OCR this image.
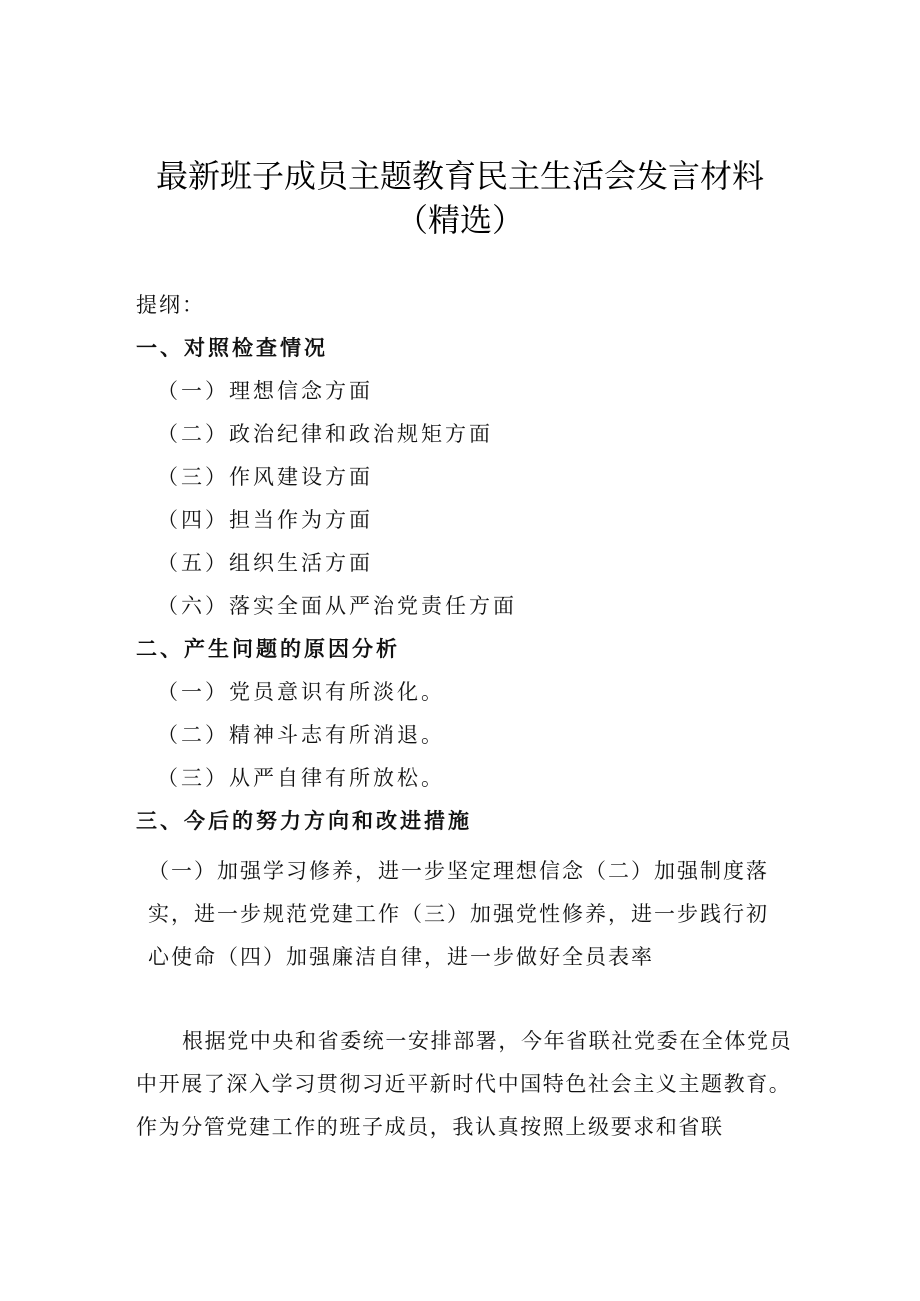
最新班子成员主题教育民主生活会发言材料
（精选）
提纲：
一、对照检查情况
（一）理想信念方面
（二）政治纪律和政治规矩方面
（三）作风建设方面
（四）担当作为方面
（五）组织生活方面
（六）落实全面从严治党责任方面
二、产生问题的原因分析
（一）党员意识有所淡化。
（二）精神斗志有所消退。
（三）从严自律有所放松。
三、今后的努力方向和改进措施
（一）加强学习修养，进一步坚定理想信念（二）加强制度落
实，进一步规范党建工作（三）加强党性修养，进一步践行初
心使命（四）加强廉洁自律，进一步做好全员表率
根据党中央和省委统一安排部署，今年省联社党委在全体党员中开展了深入学习贯彻习近平新时代中国特色社会主义主题教育。作为分管党建工作的班子成员，我认真按照上级要求和省联
